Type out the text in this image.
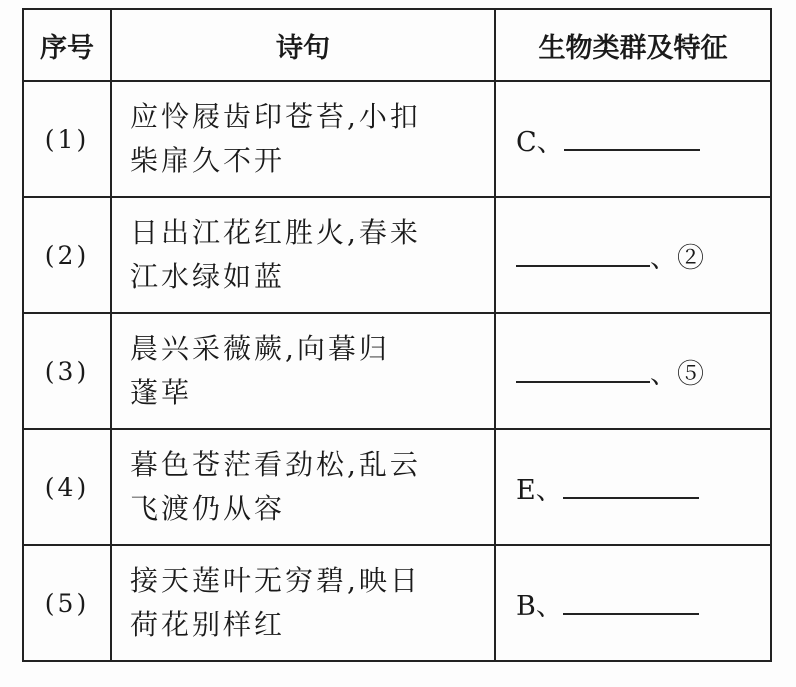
序号	诗句	生物类群及特征
(1)	应怜屐齿印苍苔,小扣
柴扉久不开	C、
(2)	日出江花红胜火,春来
江水绿如蓝	、②
(3)	晨兴采薇蕨,向暮归
蓬荜	、⑤
(4)	暮色苍茫看劲松,乱云
飞渡仍从容	E、
(5)	接天莲叶无穷碧,映日
荷花别样红	B、
